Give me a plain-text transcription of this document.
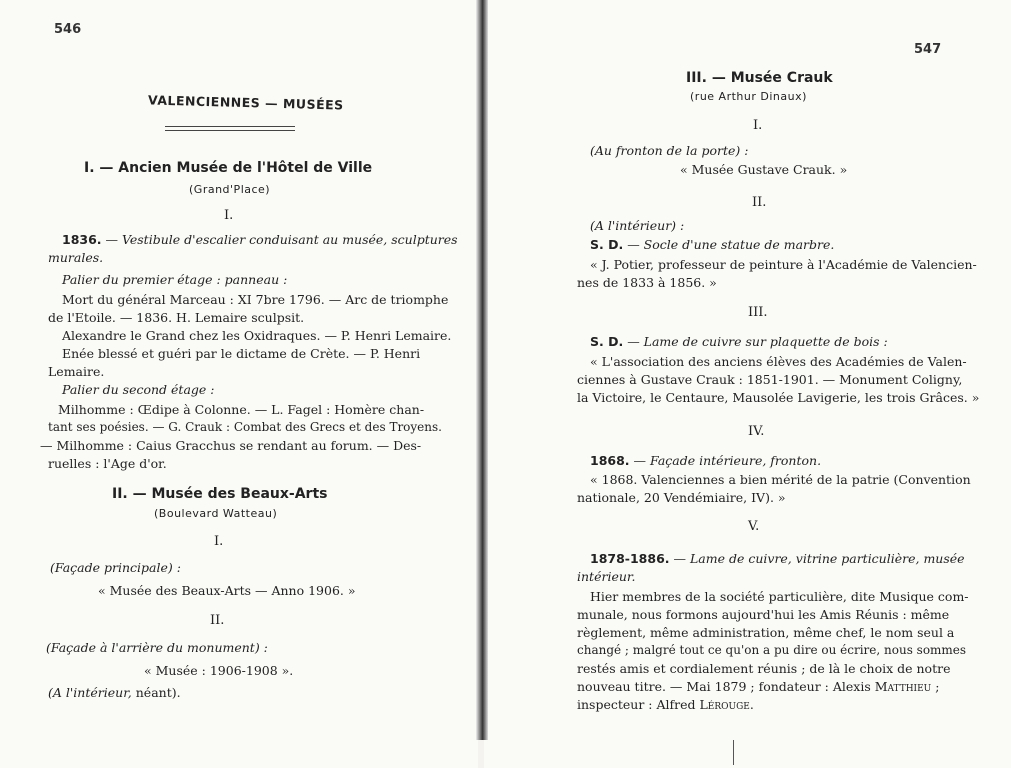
546
VALENCIENNES — MUSÉES
I. — Ancien Musée de l'Hôtel de Ville
(Grand'Place)
I.
1836. — Vestibule d'escalier conduisant au musée, sculptures
murales.
Palier du premier étage : panneau :
Mort du général Marceau : XI 7bre 1796. — Arc de triomphe
de l'Etoile. — 1836. H. Lemaire sculpsit.
Alexandre le Grand chez les Oxidraques. — P. Henri Lemaire.
Enée blessé et guéri par le dictame de Crète. — P. Henri
Lemaire.
Palier du second étage :
Milhomme : Œdipe à Colonne. — L. Fagel : Homère chan-
tant ses poésies. — G. Crauk : Combat des Grecs et des Troyens.
— Milhomme : Caius Gracchus se rendant au forum. — Des-
ruelles : l'Age d'or.
II. — Musée des Beaux-Arts
(Boulevard Watteau)
I.
(Façade principale) :
« Musée des Beaux-Arts — Anno 1906. »
II.
(Façade à l'arrière du monument) :
« Musée : 1906-1908 ».
(A l'intérieur, néant).
547
III. — Musée Crauk
(rue Arthur Dinaux)
I.
(Au fronton de la porte) :
« Musée Gustave Crauk. »
II.
(A l'intérieur) :
S. D. — Socle d'une statue de marbre.
« J. Potier, professeur de peinture à l'Académie de Valencien-
nes de 1833 à 1856. »
III.
S. D. — Lame de cuivre sur plaquette de bois :
« L'association des anciens élèves des Académies de Valen-
ciennes à Gustave Crauk : 1851-1901. — Monument Coligny,
la Victoire, le Centaure, Mausolée Lavigerie, les trois Grâces. »
IV.
1868. — Façade intérieure, fronton.
« 1868. Valenciennes a bien mérité de la patrie (Convention
nationale, 20 Vendémiaire, IV). »
V.
1878-1886. — Lame de cuivre, vitrine particulière, musée
intérieur.
Hier membres de la société particulière, dite Musique com-
munale, nous formons aujourd'hui les Amis Réunis : même
règlement, même administration, même chef, le nom seul a
changé ; malgré tout ce qu'on a pu dire ou écrire, nous sommes
restés amis et cordialement réunis ; de là le choix de notre
nouveau titre. — Mai 1879 ; fondateur : Alexis Matthieu ;
inspecteur : Alfred Lérouge.
